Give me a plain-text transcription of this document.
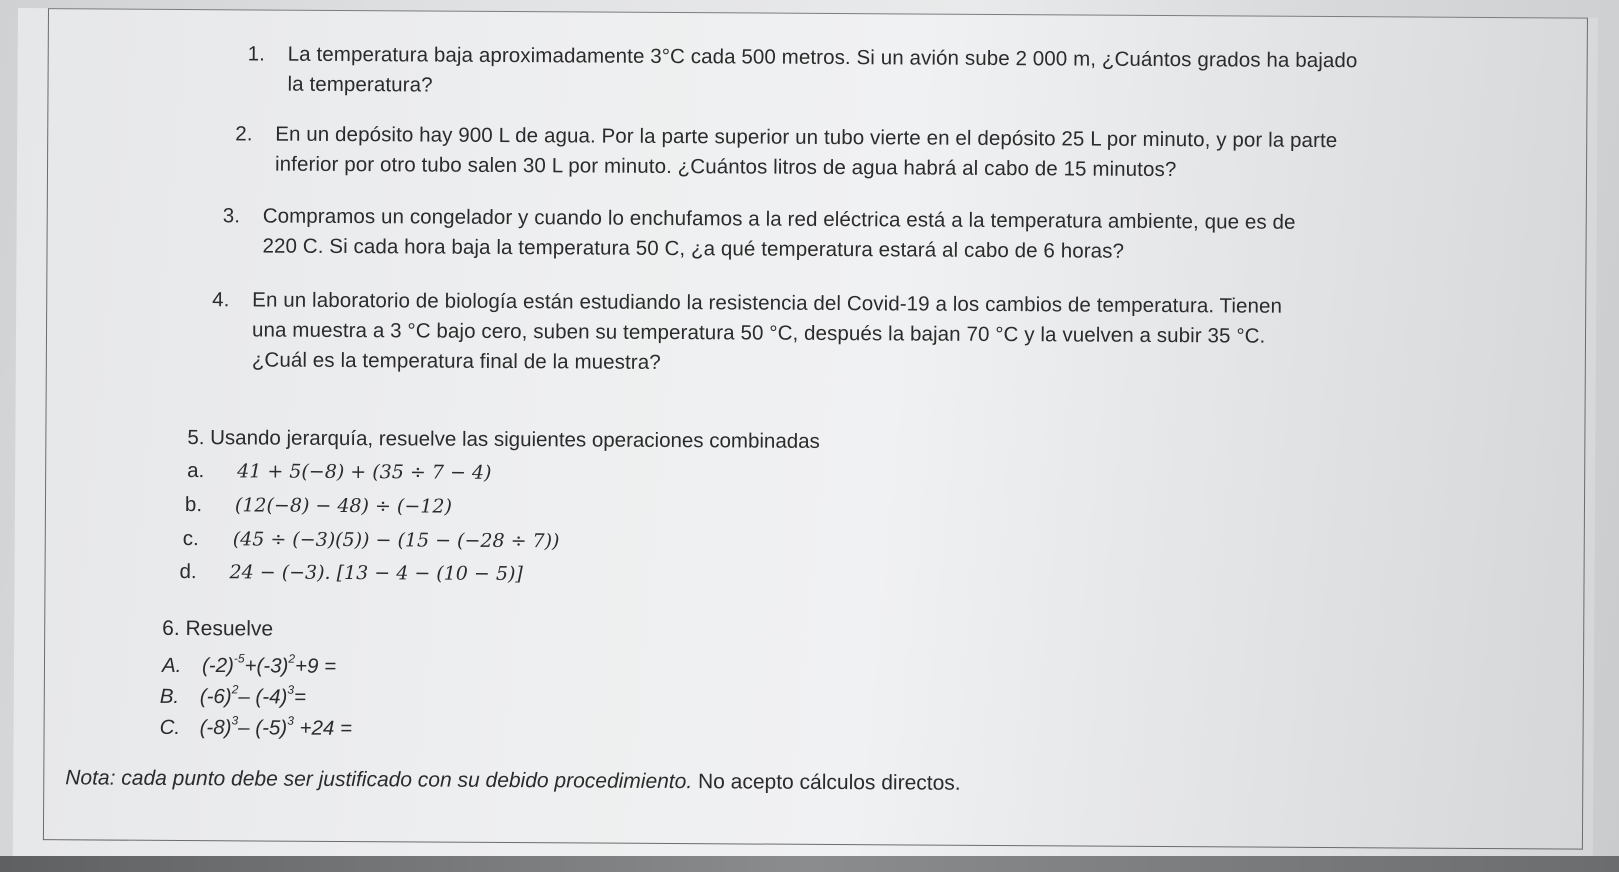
1. La temperatura baja aproximadamente 3°C cada 500 metros. Si un avión sube 2 000 m, ¿Cuántos grados ha bajado
la temperatura?
2. En un depósito hay 900 L de agua. Por la parte superior un tubo vierte en el depósito 25 L por minuto, y por la parte
inferior por otro tubo salen 30 L por minuto. ¿Cuántos litros de agua habrá al cabo de 15 minutos?
3. Compramos un congelador y cuando lo enchufamos a la red eléctrica está a la temperatura ambiente, que es de
220 C. Si cada hora baja la temperatura 50 C, ¿a qué temperatura estará al cabo de 6 horas?
4. En un laboratorio de biología están estudiando la resistencia del Covid-19 a los cambios de temperatura. Tienen
una muestra a 3 °C bajo cero, suben su temperatura 50 °C, después la bajan 70 °C y la vuelven a subir 35 °C.
¿Cuál es la temperatura final de la muestra?
5. Usando jerarquía, resuelve las siguientes operaciones combinadas
a. 41 + 5(−8) + (35 ÷ 7 − 4)
b. (12(−8) − 48) ÷ (−12)
c. (45 ÷ (−3)(5)) − (15 − (−28 ÷ 7))
d. 24 − (−3). [13 − 4 − (10 − 5)]
6. Resuelve
A. $(-2)^{-5}+(-3)^2+9$ =
B. $(-6)^2-$ $(-4)^3=$
C. $(-8)^3-$ $(-5)^3 +24$ =
Nota: cada punto debe ser justificado con su debido procedimiento. No acepto cálculos directos.
